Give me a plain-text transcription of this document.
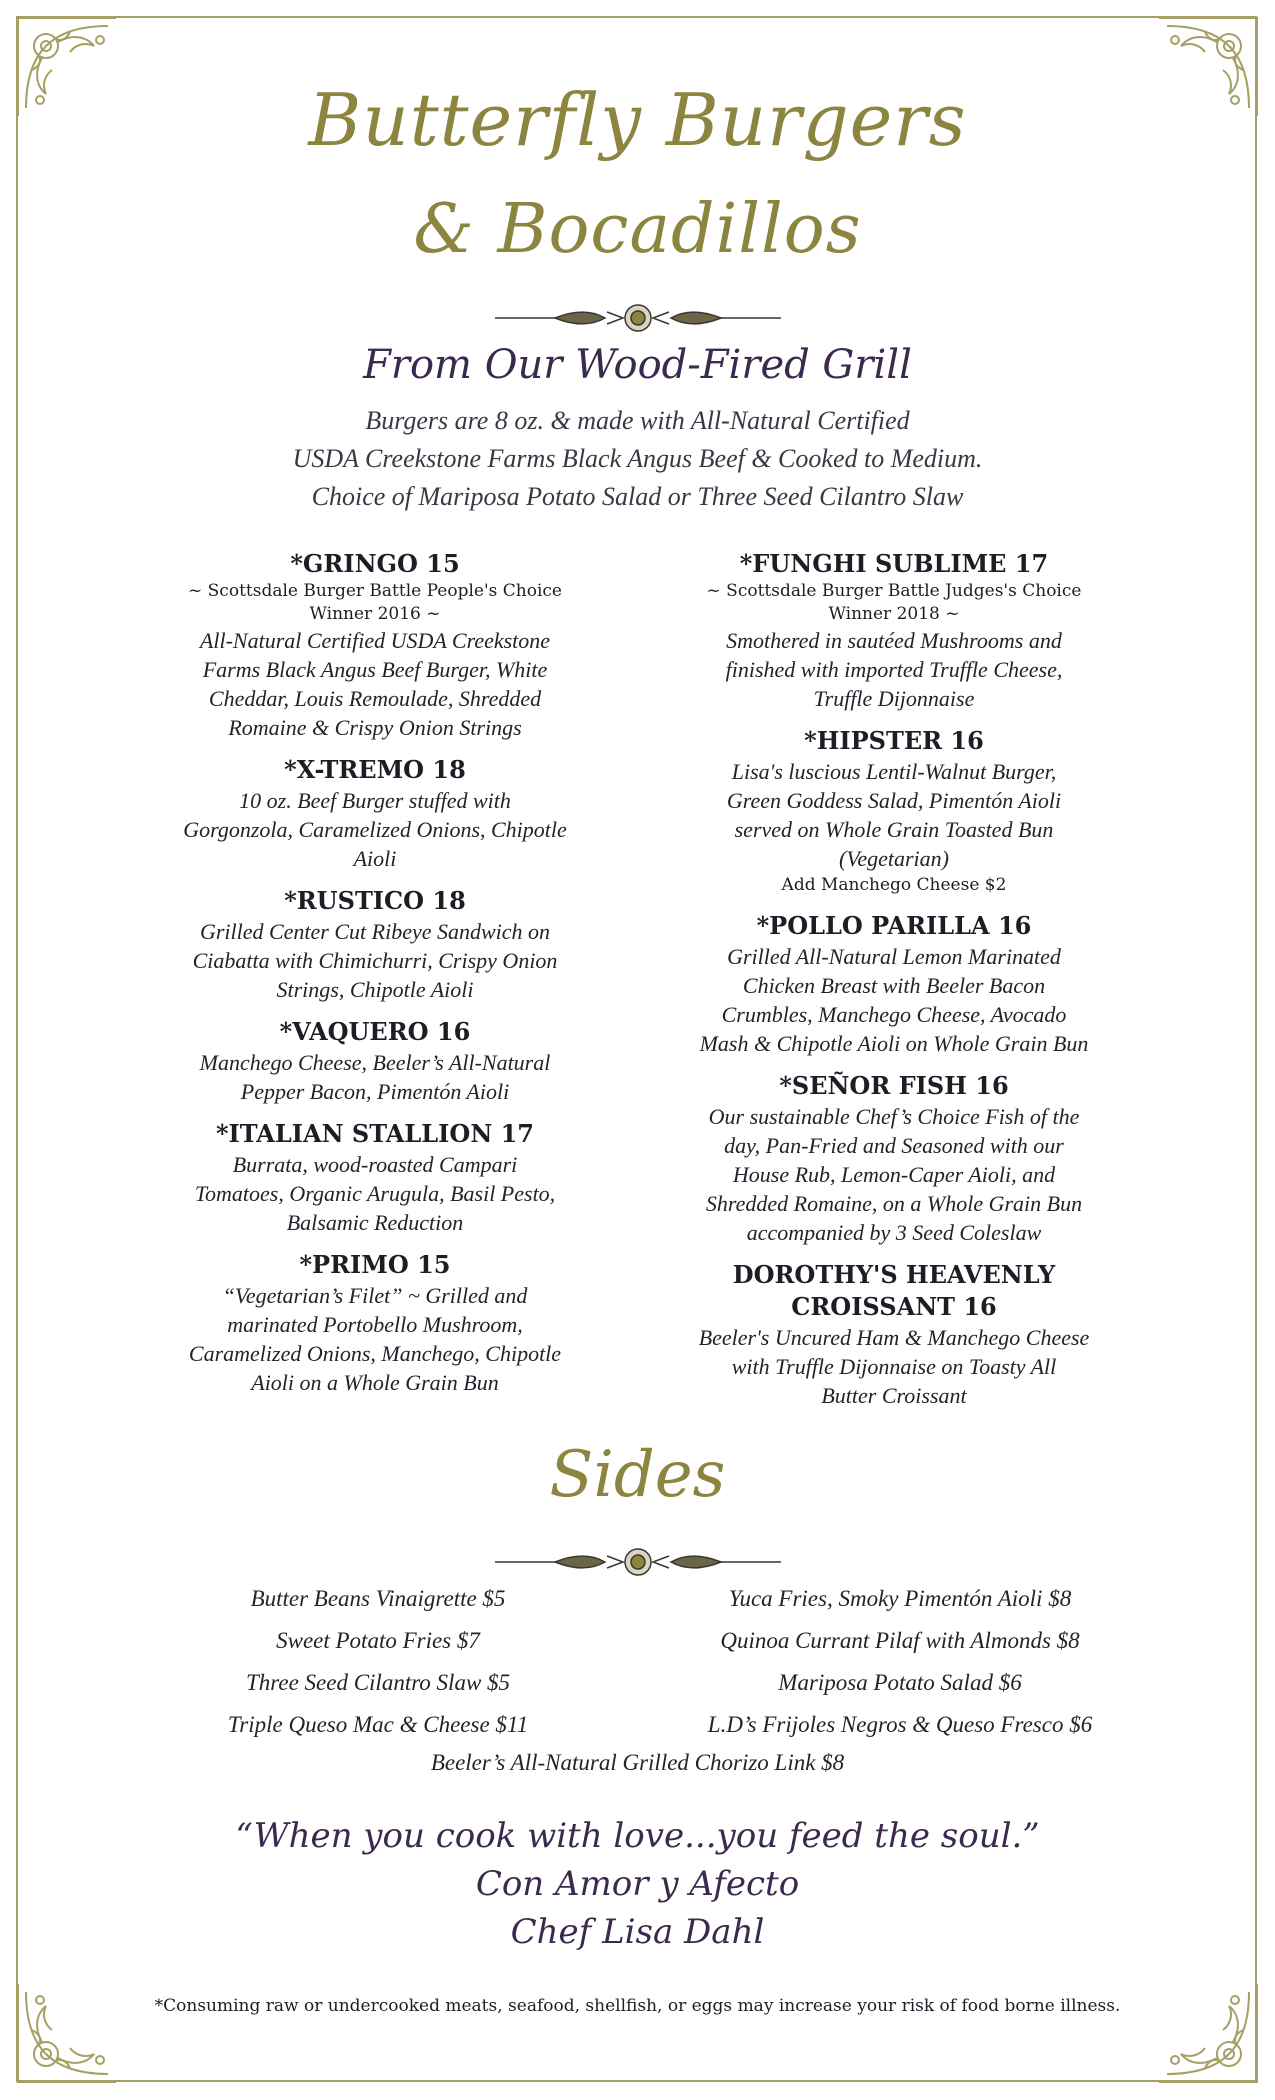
Butterfly Burgers
& Bocadillos
From Our Wood-Fired Grill
Burgers are 8 oz. & made with All-Natural Certified
USDA Creekstone Farms Black Angus Beef & Cooked to Medium.
Choice of Mariposa Potato Salad or Three Seed Cilantro Slaw
*GRINGO 15
~ Scottsdale Burger Battle People's Choice
Winner 2016 ~
All-Natural Certified USDA Creekstone
Farms Black Angus Beef Burger, White
Cheddar, Louis Remoulade, Shredded
Romaine & Crispy Onion Strings
*X-TREMO 18
10 oz. Beef Burger stuffed with
Gorgonzola, Caramelized Onions, Chipotle
Aioli
*RUSTICO 18
Grilled Center Cut Ribeye Sandwich on
Ciabatta with Chimichurri, Crispy Onion
Strings, Chipotle Aioli
*VAQUERO 16
Manchego Cheese, Beeler’s All-Natural
Pepper Bacon, Pimentón Aioli
*ITALIAN STALLION 17
Burrata, wood-roasted Campari
Tomatoes, Organic Arugula, Basil Pesto,
Balsamic Reduction
*PRIMO 15
“Vegetarian’s Filet” ~ Grilled and
marinated Portobello Mushroom,
Caramelized Onions, Manchego, Chipotle
Aioli on a Whole Grain Bun
*FUNGHI SUBLIME 17
~ Scottsdale Burger Battle Judges's Choice
Winner 2018 ~
Smothered in sautéed Mushrooms and
finished with imported Truffle Cheese,
Truffle Dijonnaise
*HIPSTER 16
Lisa's luscious Lentil-Walnut Burger,
Green Goddess Salad, Pimentón Aioli
served on Whole Grain Toasted Bun
(Vegetarian)
Add Manchego Cheese $2
*POLLO PARILLA 16
Grilled All-Natural Lemon Marinated
Chicken Breast with Beeler Bacon
Crumbles, Manchego Cheese, Avocado
Mash & Chipotle Aioli on Whole Grain Bun
*SEÑOR FISH 16
Our sustainable Chef’s Choice Fish of the
day, Pan-Fried and Seasoned with our
House Rub, Lemon-Caper Aioli, and
Shredded Romaine, on a Whole Grain Bun
accompanied by 3 Seed Coleslaw
DOROTHY'S HEAVENLY
CROISSANT 16
Beeler's Uncured Ham & Manchego Cheese
with Truffle Dijonnaise on Toasty All
Butter Croissant
Sides
Butter Beans Vinaigrette $5
Sweet Potato Fries $7
Three Seed Cilantro Slaw $5
Triple Queso Mac & Cheese $11
Yuca Fries, Smoky Pimentón Aioli $8
Quinoa Currant Pilaf with Almonds $8
Mariposa Potato Salad $6
L.D’s Frijoles Negros & Queso Fresco $6
Beeler’s All-Natural Grilled Chorizo Link $8
“When you cook with love...you feed the soul.”
Con Amor y Afecto
Chef Lisa Dahl
*Consuming raw or undercooked meats, seafood, shellfish, or eggs may increase your risk of food borne illness.
